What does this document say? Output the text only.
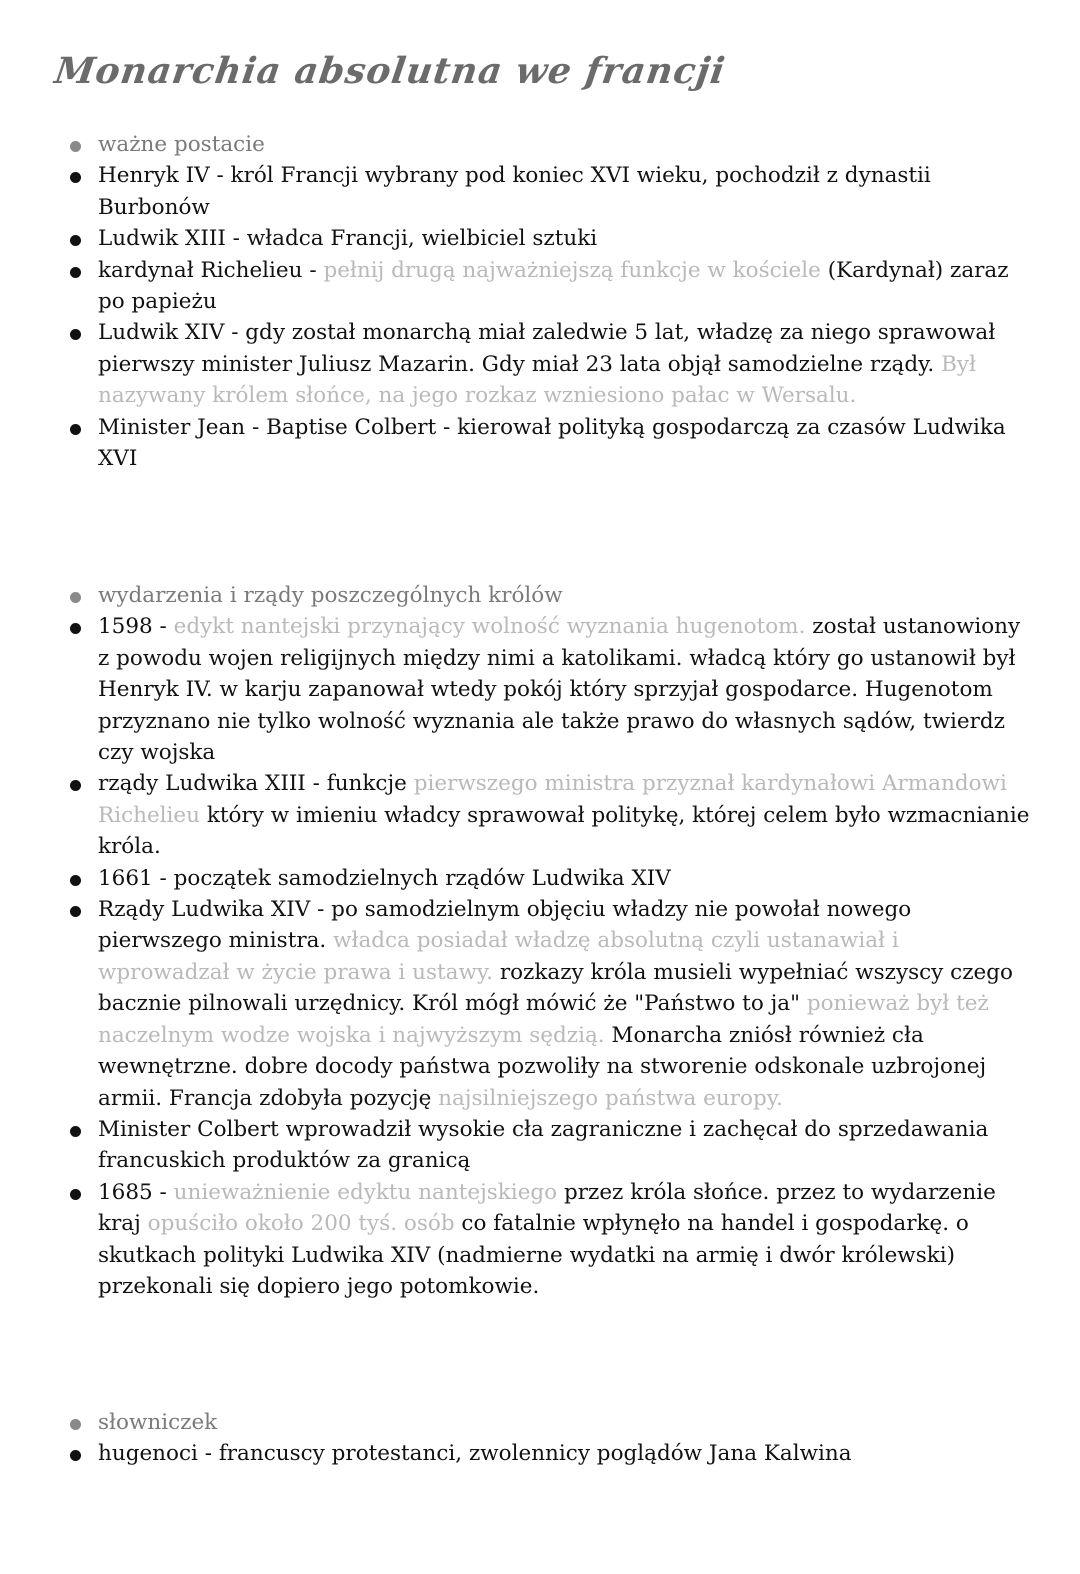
Monarchia absolutna we francji
ważne postacie
Henryk IV - król Francji wybrany pod koniec XVI wieku, pochodził z dynastii Burbonów
Ludwik XIII - władca Francji, wielbiciel sztuki
kardynał Richelieu - pełnij drugą najważniejszą funkcje w kościele (Kardynał) zaraz po papieżu
Ludwik XIV - gdy został monarchą miał zaledwie 5 lat, władzę za niego sprawował pierwszy minister Juliusz Mazarin. Gdy miał 23 lata objął samodzielne rządy. Był nazywany królem słońce, na jego rozkaz wzniesiono pałac w Wersalu.
Minister Jean - Baptise Colbert - kierował polityką gospodarczą za czasów Ludwika XVI
wydarzenia i rządy poszczególnych królów
1598 - edykt nantejski przynający wolność wyznania hugenotom. został ustanowiony z powodu wojen religijnych między nimi a katolikami. władcą który go ustanowił był Henryk IV. w karju zapanował wtedy pokój który sprzyjał gospodarce. Hugenotom przyznano nie tylko wolność wyznania ale także prawo do własnych sądów, twierdz czy wojska
rządy Ludwika XIII - funkcje pierwszego ministra przyznał kardynałowi Armandowi Richelieu który w imieniu władcy sprawował politykę, której celem było wzmacnianie króla.
1661 - początek samodzielnych rządów Ludwika XIV
Rządy Ludwika XIV - po samodzielnym objęciu władzy nie powołał nowego pierwszego ministra. władca posiadał władzę absolutną czyli ustanawiał i wprowadzał w życie prawa i ustawy. rozkazy króla musieli wypełniać wszyscy czego bacznie pilnowali urzędnicy. Król mógł mówić że "Państwo to ja" ponieważ był też naczelnym wodze wojska i najwyższym sędzią. Monarcha zniósł również cła wewnętrzne. dobre docody państwa pozwoliły na stworenie odskonale uzbrojonej armii. Francja zdobyła pozycję najsilniejszego państwa europy.
Minister Colbert wprowadził wysokie cła zagraniczne i zachęcał do sprzedawania francuskich produktów za granicą
1685 - unieważnienie edyktu nantejskiego przez króla słońce. przez to wydarzenie kraj opuściło około 200 tyś. osób co fatalnie wpłynęło na handel i gospodarkę. o skutkach polityki Ludwika XIV (nadmierne wydatki na armię i dwór królewski) przekonali się dopiero jego potomkowie.
słowniczek
hugenoci - francuscy protestanci, zwolennicy poglądów Jana Kalwina
